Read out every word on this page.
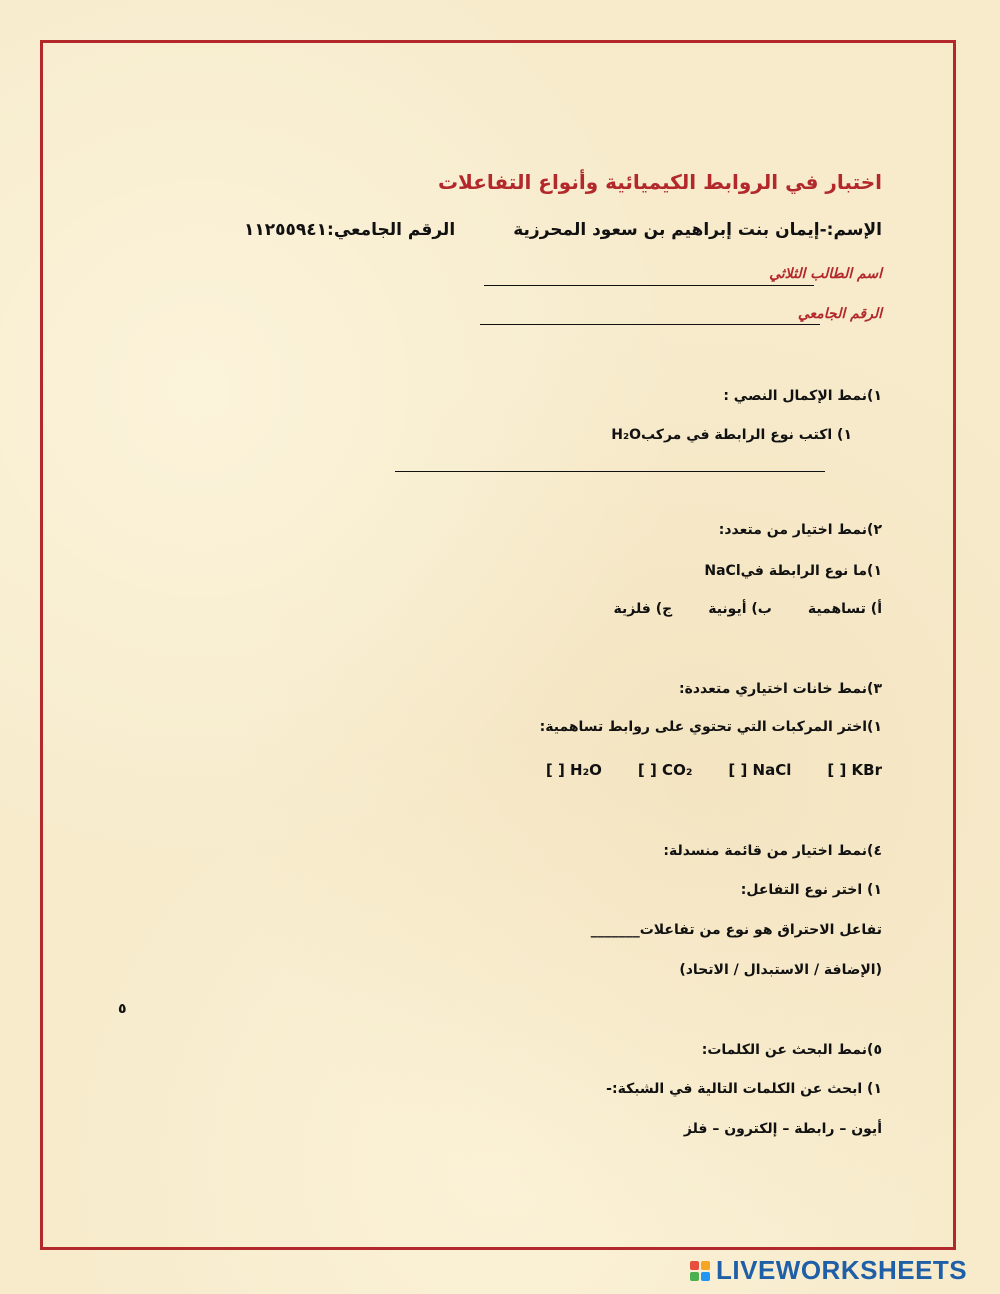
اختبار في الروابط الكيميائية وأنواع التفاعلات
الإسم:-إيمان بنت إبراهيم بن سعود المحرزية
الرقم الجامعي:١١٢٥٥٩٤١
اسم الطالب الثلاثي
الرقم الجامعي
١)نمط الإكمال النصي :
١) اكتب نوع الرابطة في مركبH₂O
٢)نمط اختيار من متعدد:
١)ما نوع الرابطة فيNaCl
أ) تساهمية
ب) أيونية
ج) فلزية
٣)نمط خانات اختياري متعددة:
١)اختر المركبات التي تحتوي على روابط تساهمية:
[ ] H₂O [ ] CO₂ [ ] NaCl [ ] KBr
٤)نمط اختيار من قائمة منسدلة:
١) اختر نوع التفاعل:
تفاعل الاحتراق هو نوع من تفاعلات_______
(الإضافة / الاستبدال / الاتحاد)
٥
٥)نمط البحث عن الكلمات:
١) ابحث عن الكلمات التالية في الشبكة:-
أيون – رابطة – إلكترون – فلز
LIVEWORKSHEETS
